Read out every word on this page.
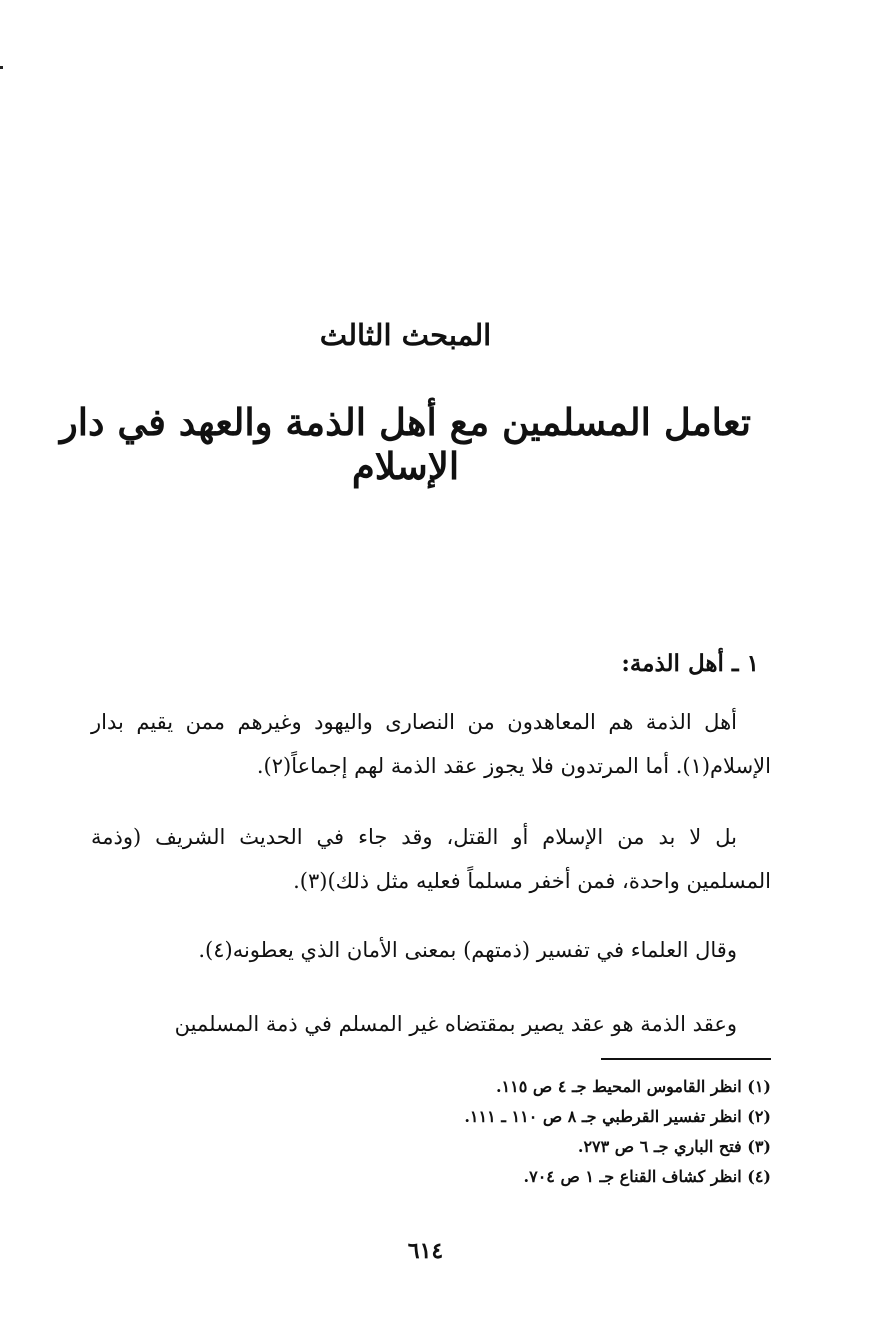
المبحث الثالث
تعامل المسلمين مع أهل الذمة والعهد في دار الإسلام
١ ـ أهل الذمة:

أهل الذمة هم المعاهدون من النصارى واليهود وغيرهم ممن يقيم بدار الإسلام(١). أما المرتدون فلا يجوز عقد الذمة لهم إجماعاً(٢).

بل لا بد من الإسلام أو القتل، وقد جاء في الحديث الشريف (وذمة المسلمين واحدة، فمن أخفر مسلماً فعليه مثل ذلك)(٣).

وقال العلماء في تفسير (ذمتهم) بمعنى الأمان الذي يعطونه(٤).

وعقد الذمة هو عقد يصير بمقتضاه غير المسلم في ذمة المسلمين

(١) انظر القاموس المحيط جـ ٤ ص ١١٥.
(٢) انظر تفسير القرطبي جـ ٨ ص ١١٠ ـ ١١١.
(٣) فتح الباري جـ ٦ ص ٢٧٣.
(٤) انظر كشاف القناع جـ ١ ص ٧٠٤.
٦١٤
